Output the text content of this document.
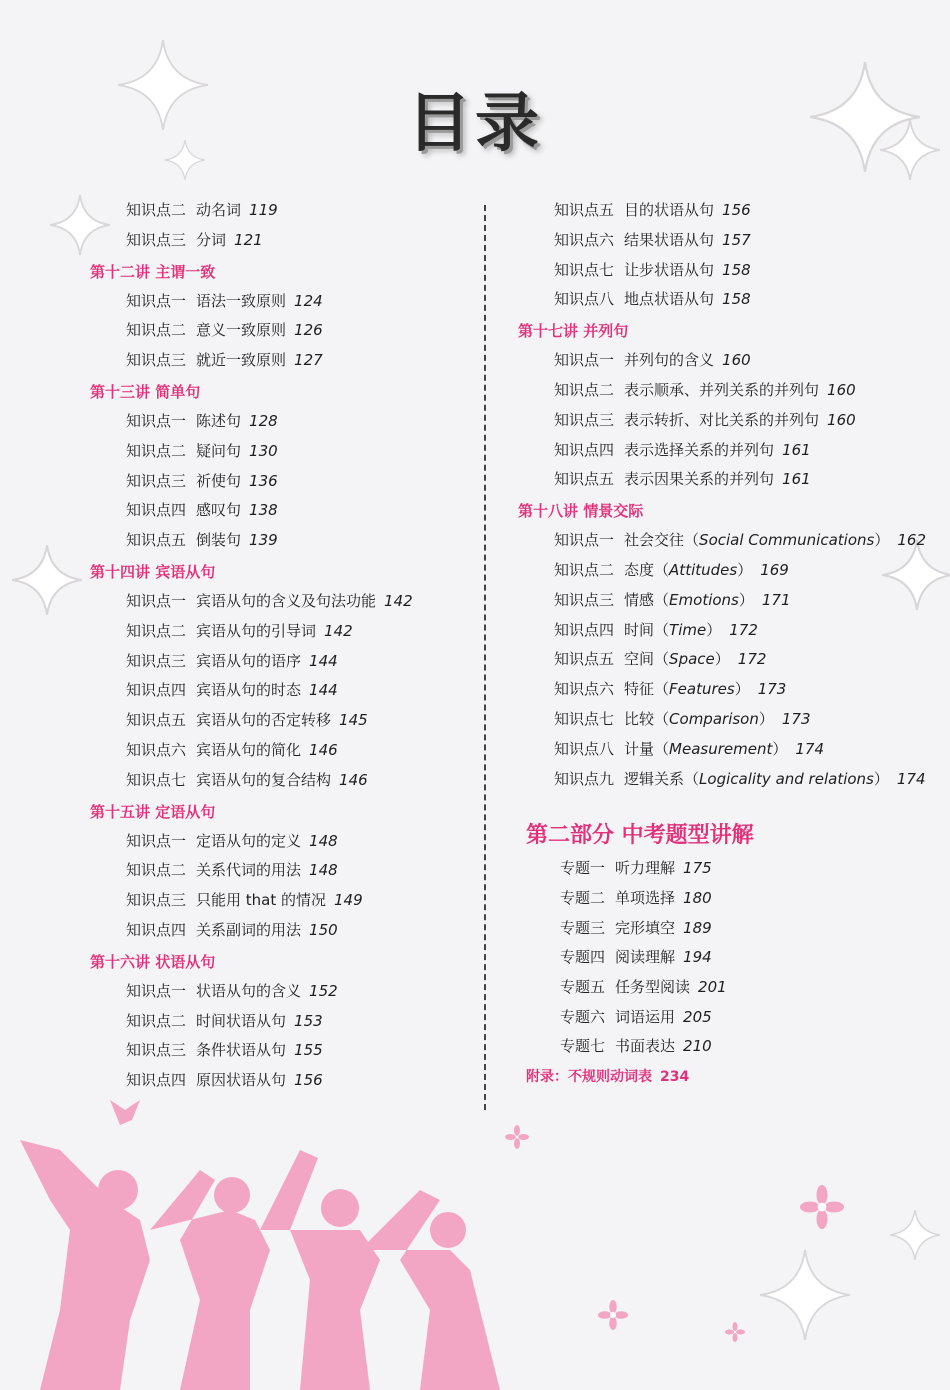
目录
知识点二 动名词 119
知识点三 分词 121
第十二讲 主谓一致
知识点一 语法一致原则 124
知识点二 意义一致原则 126
知识点三 就近一致原则 127
第十三讲 简单句
知识点一 陈述句 128
知识点二 疑问句 130
知识点三 祈使句 136
知识点四 感叹句 138
知识点五 倒装句 139
第十四讲 宾语从句
知识点一 宾语从句的含义及句法功能 142
知识点二 宾语从句的引导词 142
知识点三 宾语从句的语序 144
知识点四 宾语从句的时态 144
知识点五 宾语从句的否定转移 145
知识点六 宾语从句的简化 146
知识点七 宾语从句的复合结构 146
第十五讲 定语从句
知识点一 定语从句的定义 148
知识点二 关系代词的用法 148
知识点三 只能用 that 的情况 149
知识点四 关系副词的用法 150
第十六讲 状语从句
知识点一 状语从句的含义 152
知识点二 时间状语从句 153
知识点三 条件状语从句 155
知识点四 原因状语从句 156
知识点五 目的状语从句 156
知识点六 结果状语从句 157
知识点七 让步状语从句 158
知识点八 地点状语从句 158
第十七讲 并列句
知识点一 并列句的含义 160
知识点二 表示顺承、并列关系的并列句 160
知识点三 表示转折、对比关系的并列句 160
知识点四 表示选择关系的并列句 161
知识点五 表示因果关系的并列句 161
第十八讲 情景交际
知识点一 社会交往（Social Communications） 162
知识点二 态度（Attitudes） 169
知识点三 情感（Emotions） 171
知识点四 时间（Time） 172
知识点五 空间（Space） 172
知识点六 特征（Features） 173
知识点七 比较（Comparison） 173
知识点八 计量（Measurement） 174
知识点九 逻辑关系（Logicality and relations） 174
第二部分 中考题型讲解
专题一 听力理解 175
专题二 单项选择 180
专题三 完形填空 189
专题四 阅读理解 194
专题五 任务型阅读 201
专题六 词语运用 205
专题七 书面表达 210
附录：不规则动词表 234
